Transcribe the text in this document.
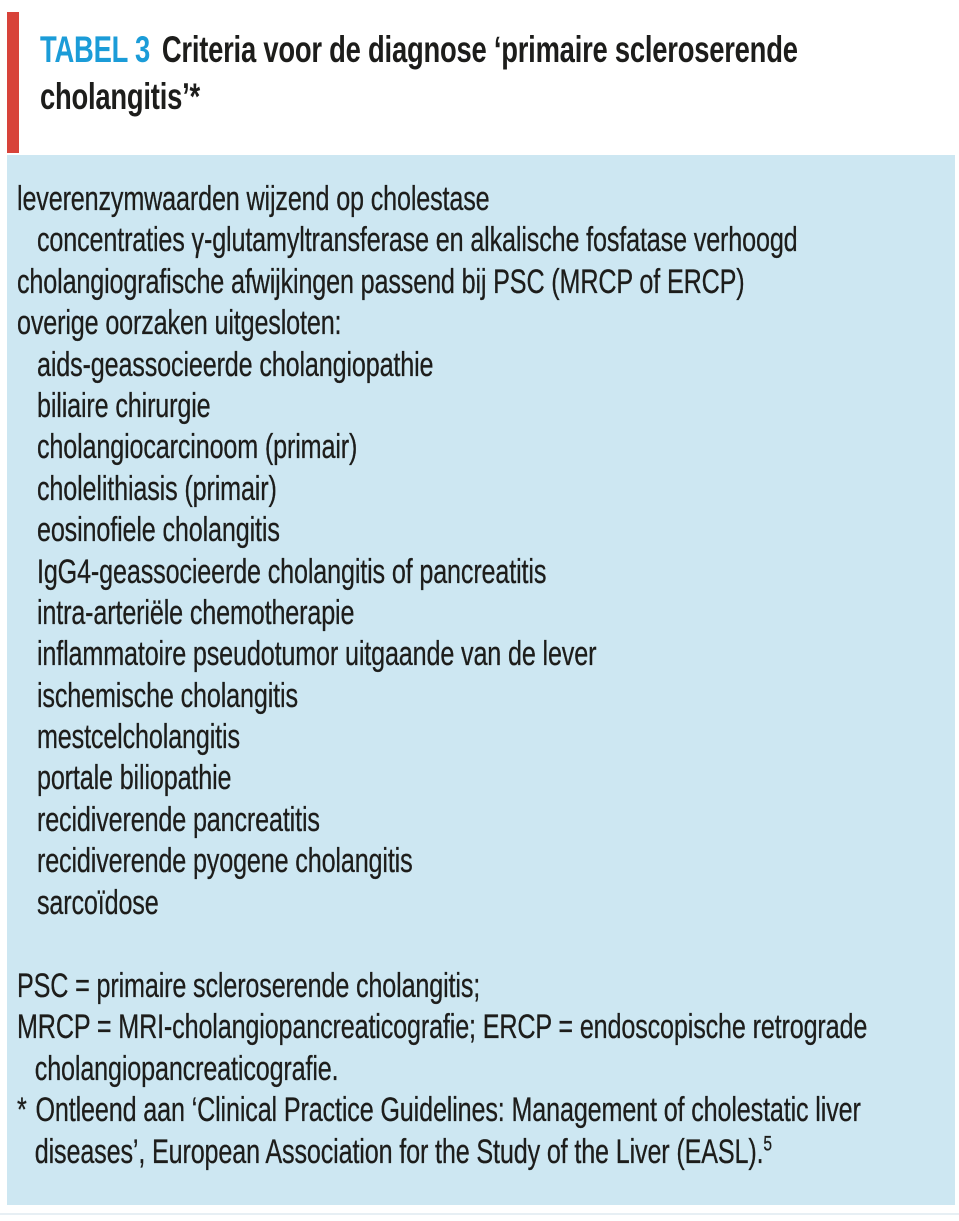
TABEL 3 Criteria voor de diagnose ‘primaire scleroserende
cholangitis’*
leverenzymwaarden wijzend op cholestase
concentraties γ-glutamyltransferase en alkalische fosfatase verhoogd
cholangiografische afwijkingen passend bij PSC (MRCP of ERCP)
overige oorzaken uitgesloten:
aids-geassocieerde cholangiopathie
biliaire chirurgie
cholangiocarcinoom (primair)
cholelithiasis (primair)
eosinofiele cholangitis
IgG4-geassocieerde cholangitis of pancreatitis
intra-arteriële chemotherapie
inflammatoire pseudotumor uitgaande van de lever
ischemische cholangitis
mestcelcholangitis
portale biliopathie
recidiverende pancreatitis
recidiverende pyogene cholangitis
sarcoïdose
PSC = primaire scleroserende cholangitis;
MRCP = MRI-cholangiopancreaticografie; ERCP = endoscopische retrograde
cholangiopancreaticografie.
* Ontleend aan ‘Clinical Practice Guidelines: Management of cholestatic liver
diseases’, European Association for the Study of the Liver (EASL).$^5$
